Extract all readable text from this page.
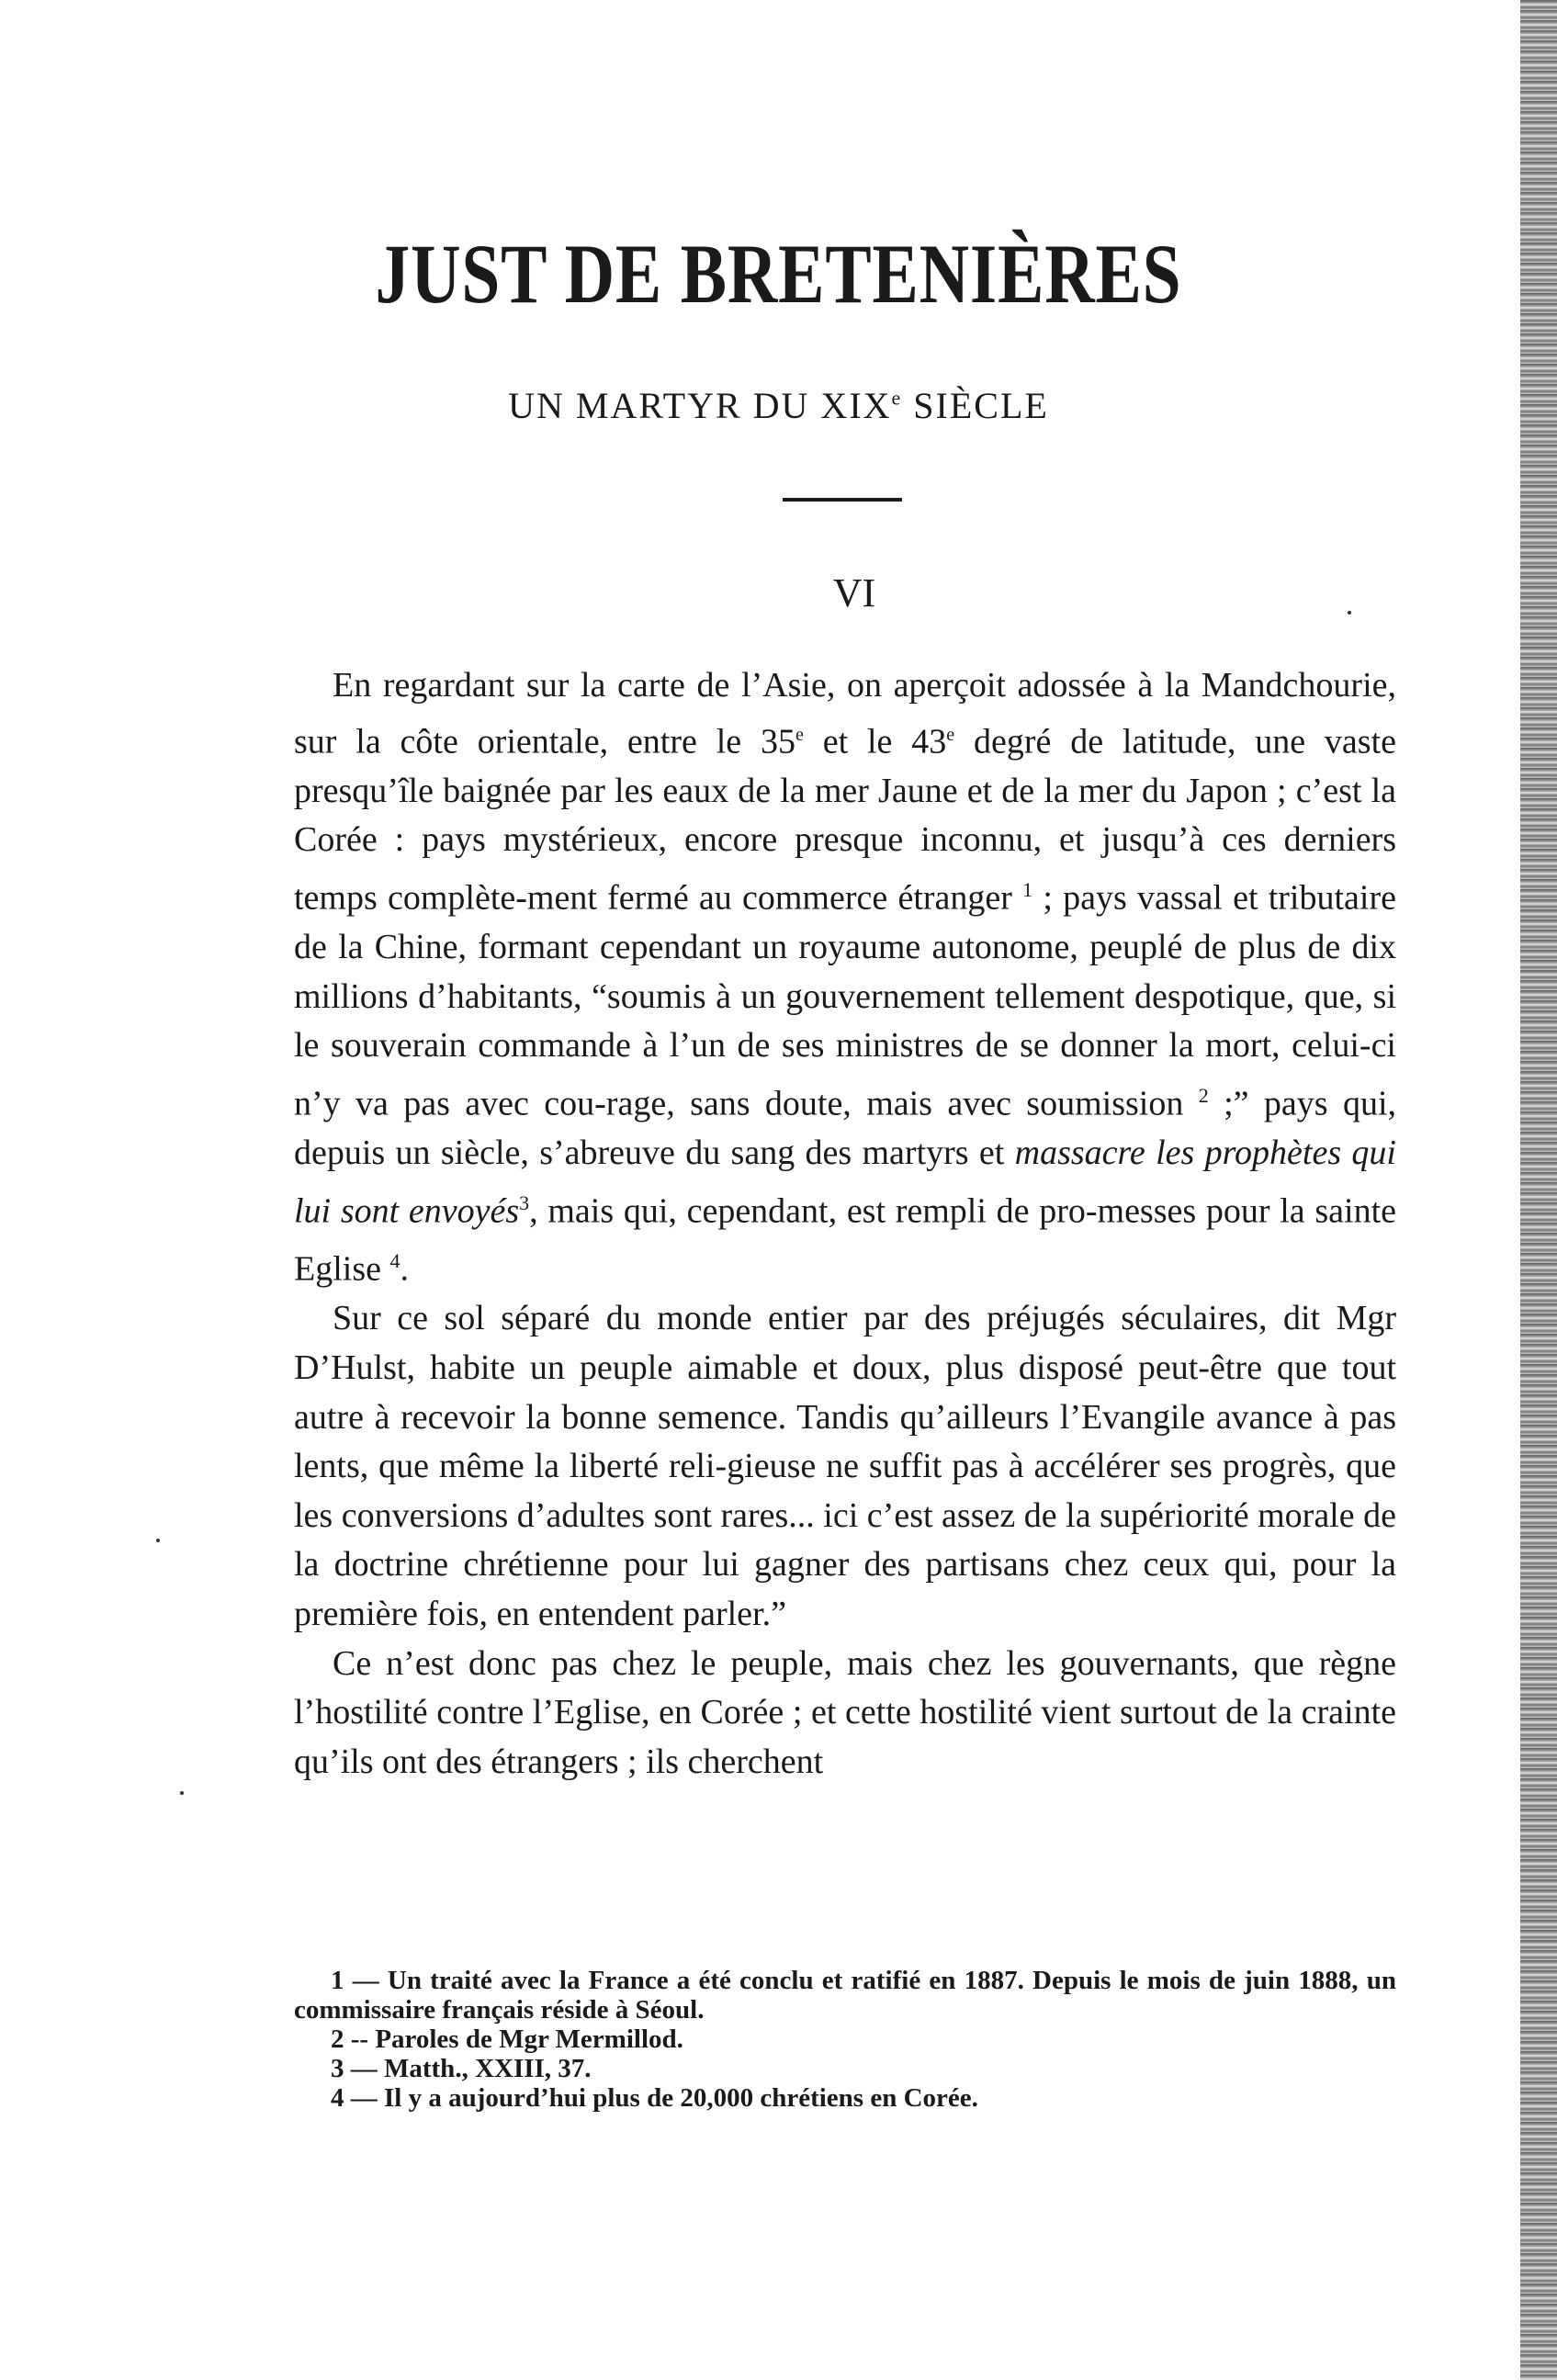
JUST DE BRETENIÈRES
UN MARTYR DU XIXe SIÈCLE
VI

En regardant sur la carte de l’Asie, on aperçoit adossée à la Mandchourie, sur la côte orientale, entre le 35e et le 43e degré de latitude, une vaste presqu’île baignée par les eaux de la mer Jaune et de la mer du Japon ; c’est la Corée : pays mystérieux, encore presque inconnu, et jusqu’à ces derniers temps complète-ment fermé au commerce étranger $^1$ ; pays vassal et tributaire de la Chine, formant cependant un royaume autonome, peuplé de plus de dix millions d’habitants, “soumis à un gouvernement tellement despotique, que, si le souverain commande à l’un de ses ministres de se donner la mort, celui-ci n’y va pas avec cou-rage, sans doute, mais avec soumission $^2$ ;” pays qui, depuis un siècle, s’abreuve du sang des martyrs et massacre les prophètes qui lui sont envoyés$^3$, mais qui, cependant, est rempli de pro-messes pour la sainte Eglise $^4$.

Sur ce sol séparé du monde entier par des préjugés séculaires, dit Mgr D’Hulst, habite un peuple aimable et doux, plus disposé peut-être que tout autre à recevoir la bonne semence. Tandis qu’ailleurs l’Evangile avance à pas lents, que même la liberté reli-gieuse ne suffit pas à accélérer ses progrès, que les conversions d’adultes sont rares... ici c’est assez de la supériorité morale de la doctrine chrétienne pour lui gagner des partisans chez ceux qui, pour la première fois, en entendent parler.”

Ce n’est donc pas chez le peuple, mais chez les gouvernants, que règne l’hostilité contre l’Eglise, en Corée ; et cette hostilité vient surtout de la crainte qu’ils ont des étrangers ; ils cherchent

1 — Un traité avec la France a été conclu et ratifié en 1887. Depuis le mois de juin 1888, un commissaire français réside à Séoul.

2 -- Paroles de Mgr Mermillod.

3 — Matth., XXIII, 37.

4 — Il y a aujourd’hui plus de 20,000 chrétiens en Corée.
